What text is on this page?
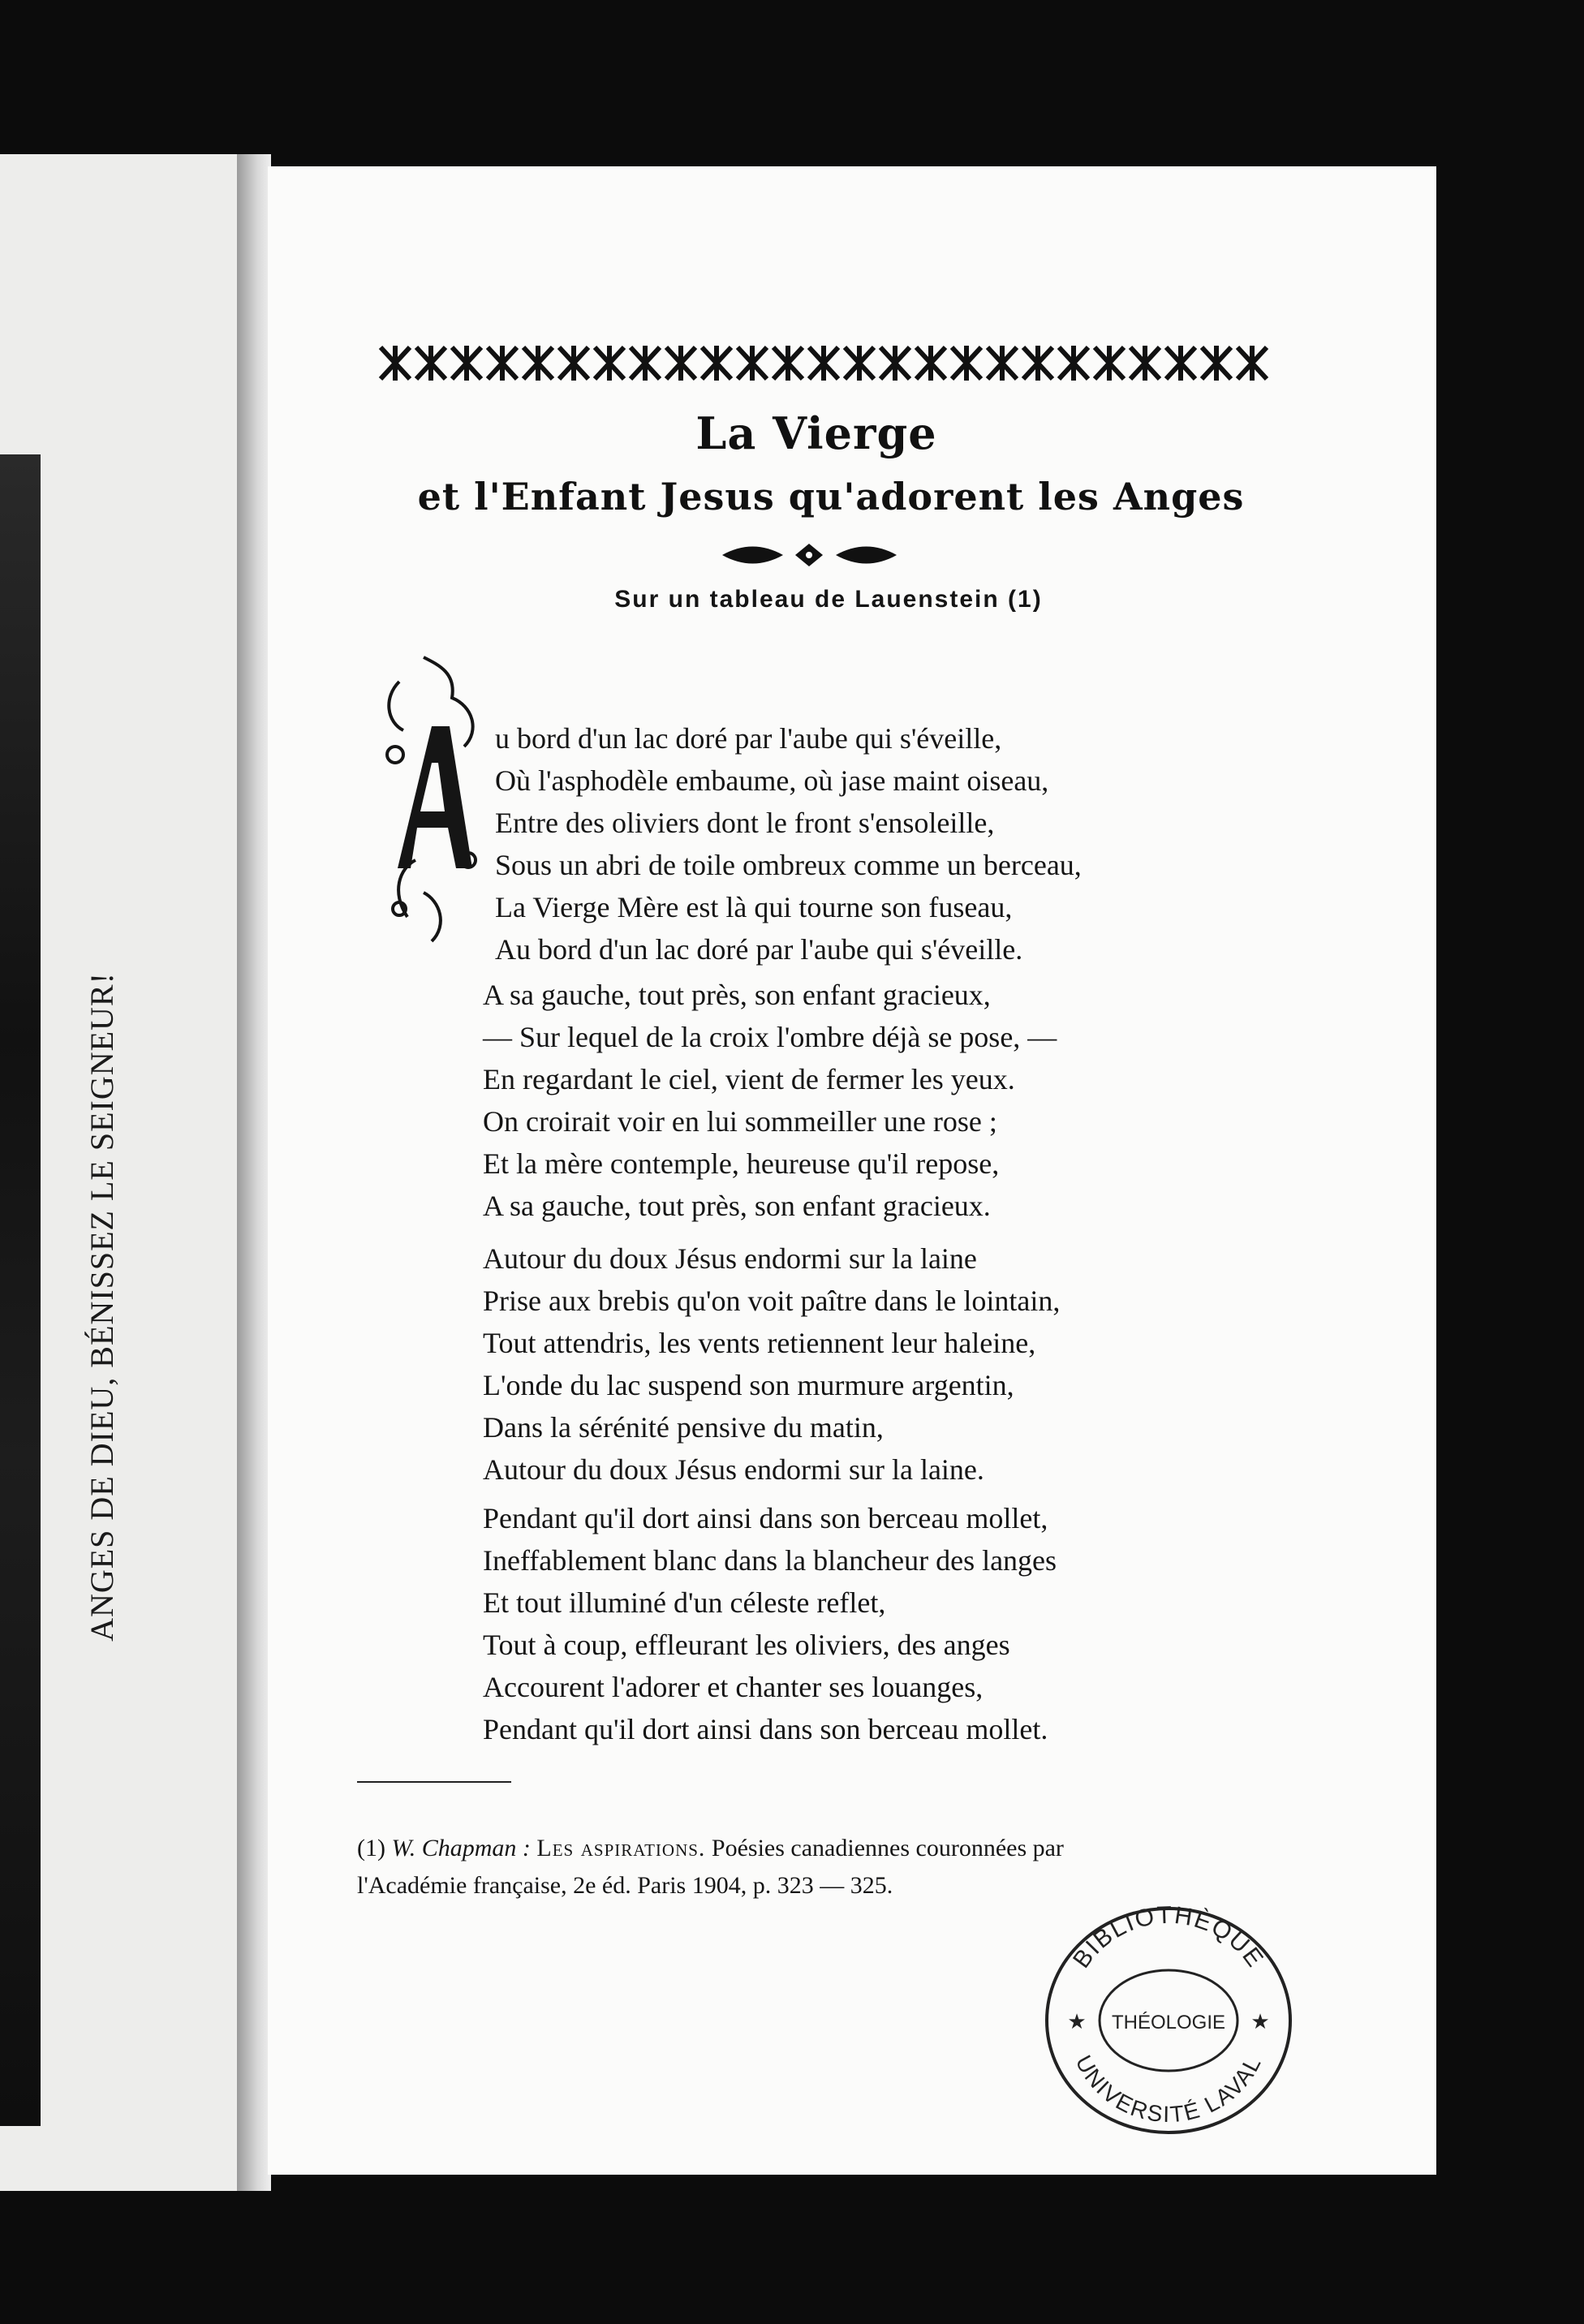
ANGES DE DIEU, BÉNISSEZ LE SEIGNEUR!
La Vierge
et l'Enfant Jesus qu'adorent les Anges
Sur un tableau de Lauenstein (1)
A
u bord d'un lac doré par l'aube qui s'éveille,
Où l'asphodèle embaume, où jase maint oiseau,
Entre des oliviers dont le front s'ensoleille,
Sous un abri de toile ombreux comme un berceau,
La Vierge Mère est là qui tourne son fuseau,
Au bord d'un lac doré par l'aube qui s'éveille.
A sa gauche, tout près, son enfant gracieux,
— Sur lequel de la croix l'ombre déjà se pose, —
En regardant le ciel, vient de fermer les yeux.
On croirait voir en lui sommeiller une rose ;
Et la mère contemple, heureuse qu'il repose,
A sa gauche, tout près, son enfant gracieux.
Autour du doux Jésus endormi sur la laine
Prise aux brebis qu'on voit paître dans le lointain,
Tout attendris, les vents retiennent leur haleine,
L'onde du lac suspend son murmure argentin,
Dans la sérénité pensive du matin,
Autour du doux Jésus endormi sur la laine.
Pendant qu'il dort ainsi dans son berceau mollet,
Ineffablement blanc dans la blancheur des langes
Et tout illuminé d'un céleste reflet,
Tout à coup, effleurant les oliviers, des anges
Accourent l'adorer et chanter ses louanges,
Pendant qu'il dort ainsi dans son berceau mollet.
(1) W. Chapman : Les aspirations. Poésies canadiennes couronnées par
l'Académie française, 2e éd. Paris 1904, p. 323 — 325.
BIBLIOTHÈQUE
UNIVERSITÉ LAVAL
THÉOLOGIE
★	★
